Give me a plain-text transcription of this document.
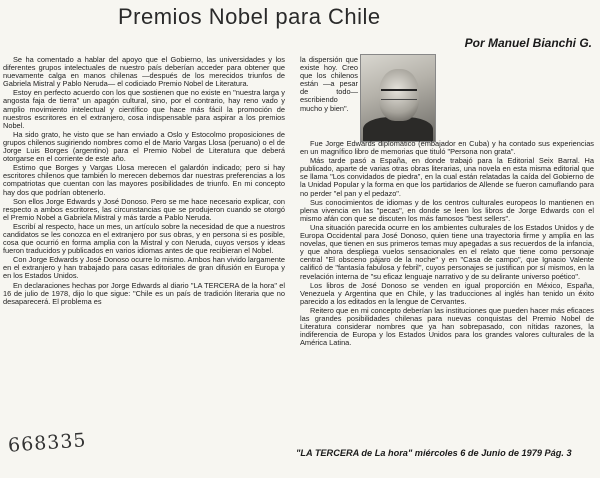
Premios Nobel para Chile
Por Manuel Bianchi G.

Se ha comentado a hablar del apoyo que el Gobierno, las universidades y los diferentes grupos intelectuales de nuestro país deberían acceder para obtener que nuevamente calga en manos chilenas —después de los merecidos triunfos de Gabriela Mistral y Pablo Neruda— el codiciado Premio Nobel de Literatura.

Estoy en perfecto acuerdo con los que sostienen que no existe en "nuestra larga y angosta faja de tierra" un apagón cultural, sino, por el contrario, hay reno vado y amplio movimiento intelectual y científico que hace más fácil la promoción de nuestros escritores en el extranjero, cosa indispensable para aspirar a los premios Nobel.

Ha sido grato, he visto que se han enviado a Oslo y Estocolmo proposiciones de grupos chilenos sugiriendo nombres como el de Mario Vargas Llosa (peruano) o el de Jorge Luis Borges (argentino) para el Premio Nobel de Literatura que deberá otorgarse en el corriente de este año.

Estimo que Borges y Vargas Llosa merecen el galardón indicado; pero si hay escritores chilenos que también lo merecen debemos dar nuestras preferencias a los compatriotas que cuentan con las mayores posibilidades de triunfo. En mi concepto hay dos que podrían obtenerlo.

Son ellos Jorge Edwards y José Donoso. Pero se me hace necesario explicar, con respecto a ambos escritores, las circunstancias que se produjeron cuando se otorgó el Premio Nobel a Gabriela Mistral y más tarde a Pablo Neruda.

Escribí al respecto, hace un mes, un artículo sobre la necesidad de que a nuestros candidatos se les conozca en el extranjero por sus obras, y en persona si es posible, cosa que ocurrió en forma amplia con la Mistral y con Neruda, cuyos versos y ideas fueron traducidos y publicados en varios idiomas antes de que recibieran el Nobel.

Con Jorge Edwards y José Donoso ocurre lo mismo. Ambos han vivido largamente en el extranjero y han trabajado para casas editoriales de gran difusión en Europa y en los Estados Unidos.

En declaraciones hechas por Jorge Edwards al diario "LA TERCERA de la hora" el 16 de julio de 1978, dijo lo que sigue: "Chile es un país de tradición literaria que no desaparecerá. El problema es

la dispersión que existe hoy. Creo que los chilenos están —a pesar de todo— escribiendo mucho y bien".

Fue Jorge Edwards diplomático (embajador en Cuba) y ha contado sus experiencias en un magnífico libro de memorias que tituló "Persona non grata".

Más tarde pasó a España, en donde trabajó para la Editorial Seix Barral. Ha publicado, aparte de varias otras obras literarias, una novela en esta misma editorial que se llama "Los convidados de piedra", en la cual están relatadas la caída del Gobierno de la Unidad Popular y la forma en que los partidarios de Allende se fueron camuflando para no perder "el pan y el pedazo".

Sus conocimientos de idiomas y de los centros culturales europeos lo mantienen en plena vivencia en las "pecas", en donde se leen los libros de Jorge Edwards con el mismo afán con que se discuten los más famosos "best sellers".

Una situación parecida ocurre en los ambientes culturales de los Estados Unidos y de Europa Occidental para José Donoso, quien tiene una trayectoria firme y amplia en las novelas, que tienen en sus primeros temas muy apegadas a sus recuerdos de la infancia, y que ahora despliega vuelos sensacionales en el relato que tiene como personaje central "El obsceno pájaro de la noche" y en "Casa de campo", que Ignacio Valente calificó de "fantasía fabulosa y febril", cuyos personajes se justifican por sí mismos, en la revelación interna de "su eficaz lenguaje narrativo y de su delirante universo poético".

Los libros de José Donoso se venden en igual proporción en México, España, Venezuela y Argentina que en Chile, y las traducciones al inglés han tenido un éxito parecido a los editados en la lengue de Cervantes.

Reitero que en mi concepto deberían las instituciones que pueden hacer más eficaces las grandes posibilidades chilenas para nuevas conquistas del Premio Nobel de Literatura considerar nombres que ya han sobrepasado, con nítidas razones, la indiferencia de Europa y los Estados Unidos para los grandes valores culturales de la América Latina.

668335	"LA TERCERA de La hora" miércoles 6 de Junio de 1979 Pág. 3
